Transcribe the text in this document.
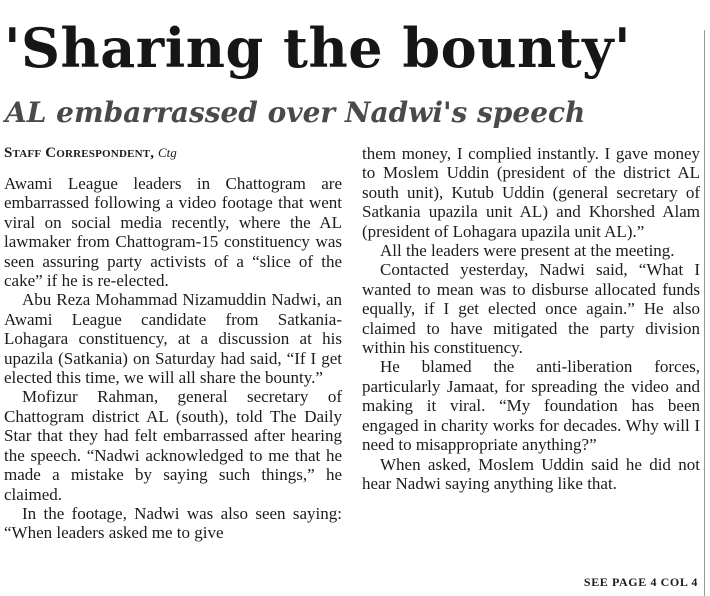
'Sharing the bounty'
AL embarrassed over Nadwi's speech
Staff Correspondent, Ctg

Awami League leaders in Chattogram are embarrassed following a video footage that went viral on social media recently, where the AL lawmaker from Chattogram-15 constituency was seen assuring party activists of a “slice of the cake” if he is re-elected.

Abu Reza Mohammad Nizamuddin Nadwi, an Awami League candidate from Satkania-Lohagara constituency, at a discussion at his upazila (Satkania) on Saturday had said, “If I get elected this time, we will all share the bounty.”

Mofizur Rahman, general secretary of Chattogram district AL (south), told The Daily Star that they had felt embarrassed after hearing the speech. “Nadwi acknowledged to me that he made a mistake by saying such things,” he claimed.

In the footage, Nadwi was also seen saying: “When leaders asked me to give

them money, I complied instantly. I gave money to Moslem Uddin (president of the district AL south unit), Kutub Uddin (general secretary of Satkania upazila unit AL) and Khorshed Alam (president of Lohagara upazila unit AL).”

All the leaders were present at the meeting.

Contacted yesterday, Nadwi said, “What I wanted to mean was to disburse allocated funds equally, if I get elected once again.” He also claimed to have mitigated the party division within his constituency.

He blamed the anti-liberation forces, particularly Jamaat, for spreading the video and making it viral. “My foundation has been engaged in charity works for decades. Why will I need to misappropriate anything?”

When asked, Moslem Uddin said he did not hear Nadwi saying anything like that.

SEE PAGE 4 COL 4
